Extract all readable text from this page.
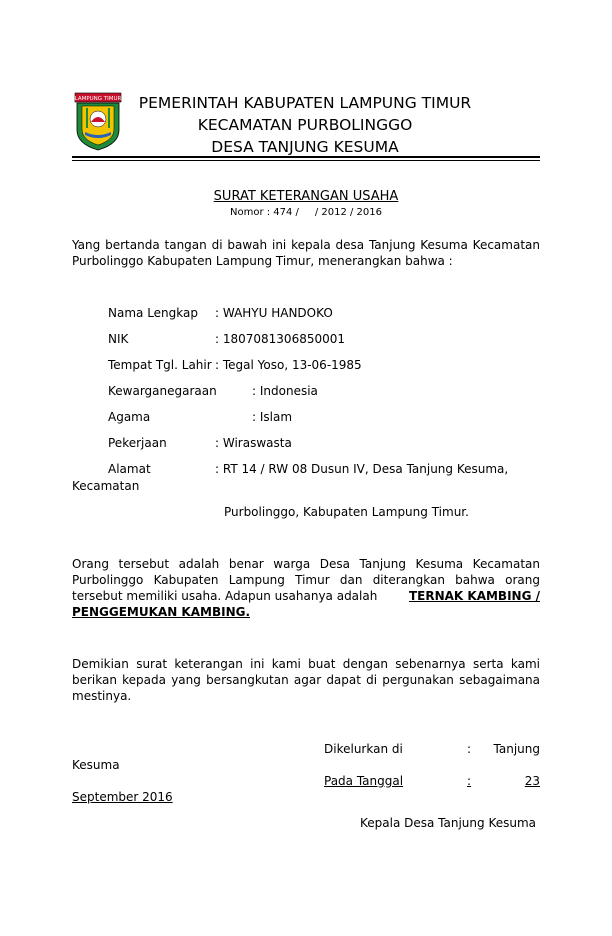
LAMPUNG TIMUR	PEMERINTAH KABUPATEN LAMPUNG TIMUR
KECAMATAN PURBOLINGGO
DESA TANJUNG KESUMA
SURAT KETERANGAN USAHA
Nomor : 474 /     / 2012 / 2016
Yang bertanda tangan di bawah ini kepala desa Tanjung Kesuma Kecamatan
Purbolinggo Kabupaten Lampung Timur, menerangkan bahwa :
Nama Lengkap : WAHYU HANDOKO
NIK	: 1807081306850001
Tempat Tgl. Lahir : Tegal Yoso, 13-06-1985
Kewarganegaraan	: Indonesia
Agama	: Islam
Pekerjaan	: Wiraswasta
Alamat	: RT 14 / RW 08 Dusun IV, Desa Tanjung Kesuma,
Kecamatan
Purbolinggo, Kabupaten Lampung Timur.
Orang tersebut adalah benar warga Desa Tanjung Kesuma Kecamatan
Purbolinggo Kabupaten Lampung Timur dan diterangkan bahwa orang
tersebut memiliki usaha. Adapun usahanya adalah	TERNAK KAMBING /
PENGGEMUKAN KAMBING.
Demikian surat keterangan ini kami buat dengan sebenarnya serta kami
berikan kepada yang bersangkutan agar dapat di pergunakan sebagaimana
mestinya.
Dikelurkan di	:	Tanjung
Kesuma
Pada Tanggal	:	23
September 2016
Kepala Desa Tanjung Kesuma
